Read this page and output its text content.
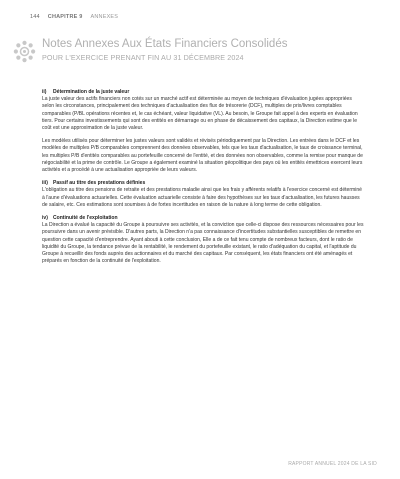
144 CHAPITRE 9 ANNEXES
Notes Annexes Aux États Financiers Consolidés
POUR L'EXERCICE PRENANT FIN AU 31 DÉCEMBRE 2024

ii) Détermination de la juste valeur

La juste valeur des actifs financiers non cotés sur un marché actif est déterminée au moyen de techniques d'évaluation jugées appropriées selon les circonstances, principalement des techniques d'actualisation des flux de trésorerie (DCF), multiples de prix/livres comptables comparables (P/BL opérations récentes et, le cas échéant, valeur liquidative (VL). Au besoin, le Groupe fait appel à des experts en évaluation tiers. Pour certains investissements qui sont des entités en démarrage ou en phase de décaissement des capitaux, la Direction estime que le coût est une approximation de la juste valeur.

Les modèles utilisés pour déterminer les justes valeurs sont validés et révisés périodiquement par la Direction. Les entrées dans le DCF et les modèles de multiples P/B comparables comprennent des données observables, tels que les taux d'actualisation, le taux de croissance terminal, les multiples P/B d'entités comparables au portefeuille concerné de l'entité, et des données non observables, comme la remise pour manque de négociabilité et la prime de contrôle. Le Groupe a également examiné la situation géopolitique des pays où les entités émettrices exercent leurs activités et a procédé à une actualisation appropriée de leurs valeurs.

iii) Passif au titre des prestations définies

L'obligation au titre des pensions de retraite et des prestations maladie ainsi que les frais y afférents relatifs à l'exercice concerné est déterminé à l'aune d'évaluations actuarielles. Cette évaluation actuarielle consiste à faire des hypothèses sur les taux d'actualisation, les futures hausses de salaire, etc. Ces estimations sont soumises à de fortes incertitudes en raison de la nature à long terme de cette obligation.

iv) Continuité de l'exploitation

La Direction a évalué la capacité du Groupe à poursuivre ses activités, et la conviction que celle-ci dispose des ressources nécessaires pour les poursuivre dans un avenir prévisible. D'autres parts, la Direction n'a pas connaissance d'incertitudes substantielles susceptibles de remettre en question cette capacité d'entreprendre. Ayant abouti à cette conclusion, Elle a de ce fait tenu compte de nombreux facteurs, dont le ratio de liquidité du Groupe, la tendance prévue de la rentabilité, le rendement du portefeuille existant, le ratio d'adéquation du capital, et l'aptitude du Groupe à recueillir des fonds auprès des actionnaires et du marché des capitaux. Par conséquent, les états financiers ont été aménagés et préparés en fonction de la continuité de l'exploitation.

RAPPORT ANNUEL 2024 DE LA SID
